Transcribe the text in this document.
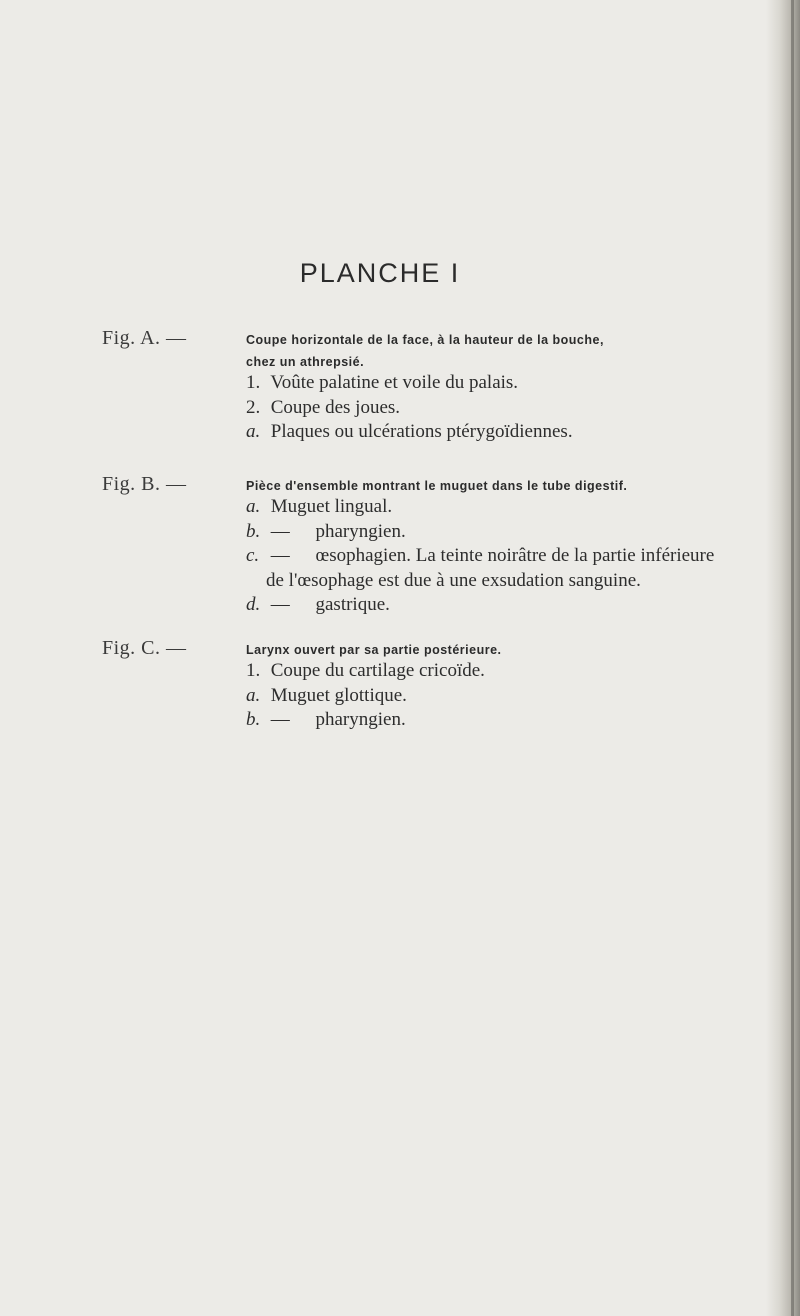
PLANCHE I
Fig. A. —	Coupe horizontale de la face, à la hauteur de la bouche,
chez un athrepsié.
1. Voûte palatine et voile du palais.
2. Coupe des joues.
a. Plaques ou ulcérations ptérygoïdiennes.
Fig. B. —	Pièce d'ensemble montrant le muguet dans le tube digestif.
a. Muguet lingual.
b. — pharyngien.
c. — œsophagien. La teinte noirâtre de la partie inférieure
de l'œsophage est due à une exsudation sanguine.
d. — gastrique.
Fig. C. —	Larynx ouvert par sa partie postérieure.
1. Coupe du cartilage cricoïde.
a. Muguet glottique.
b. — pharyngien.
